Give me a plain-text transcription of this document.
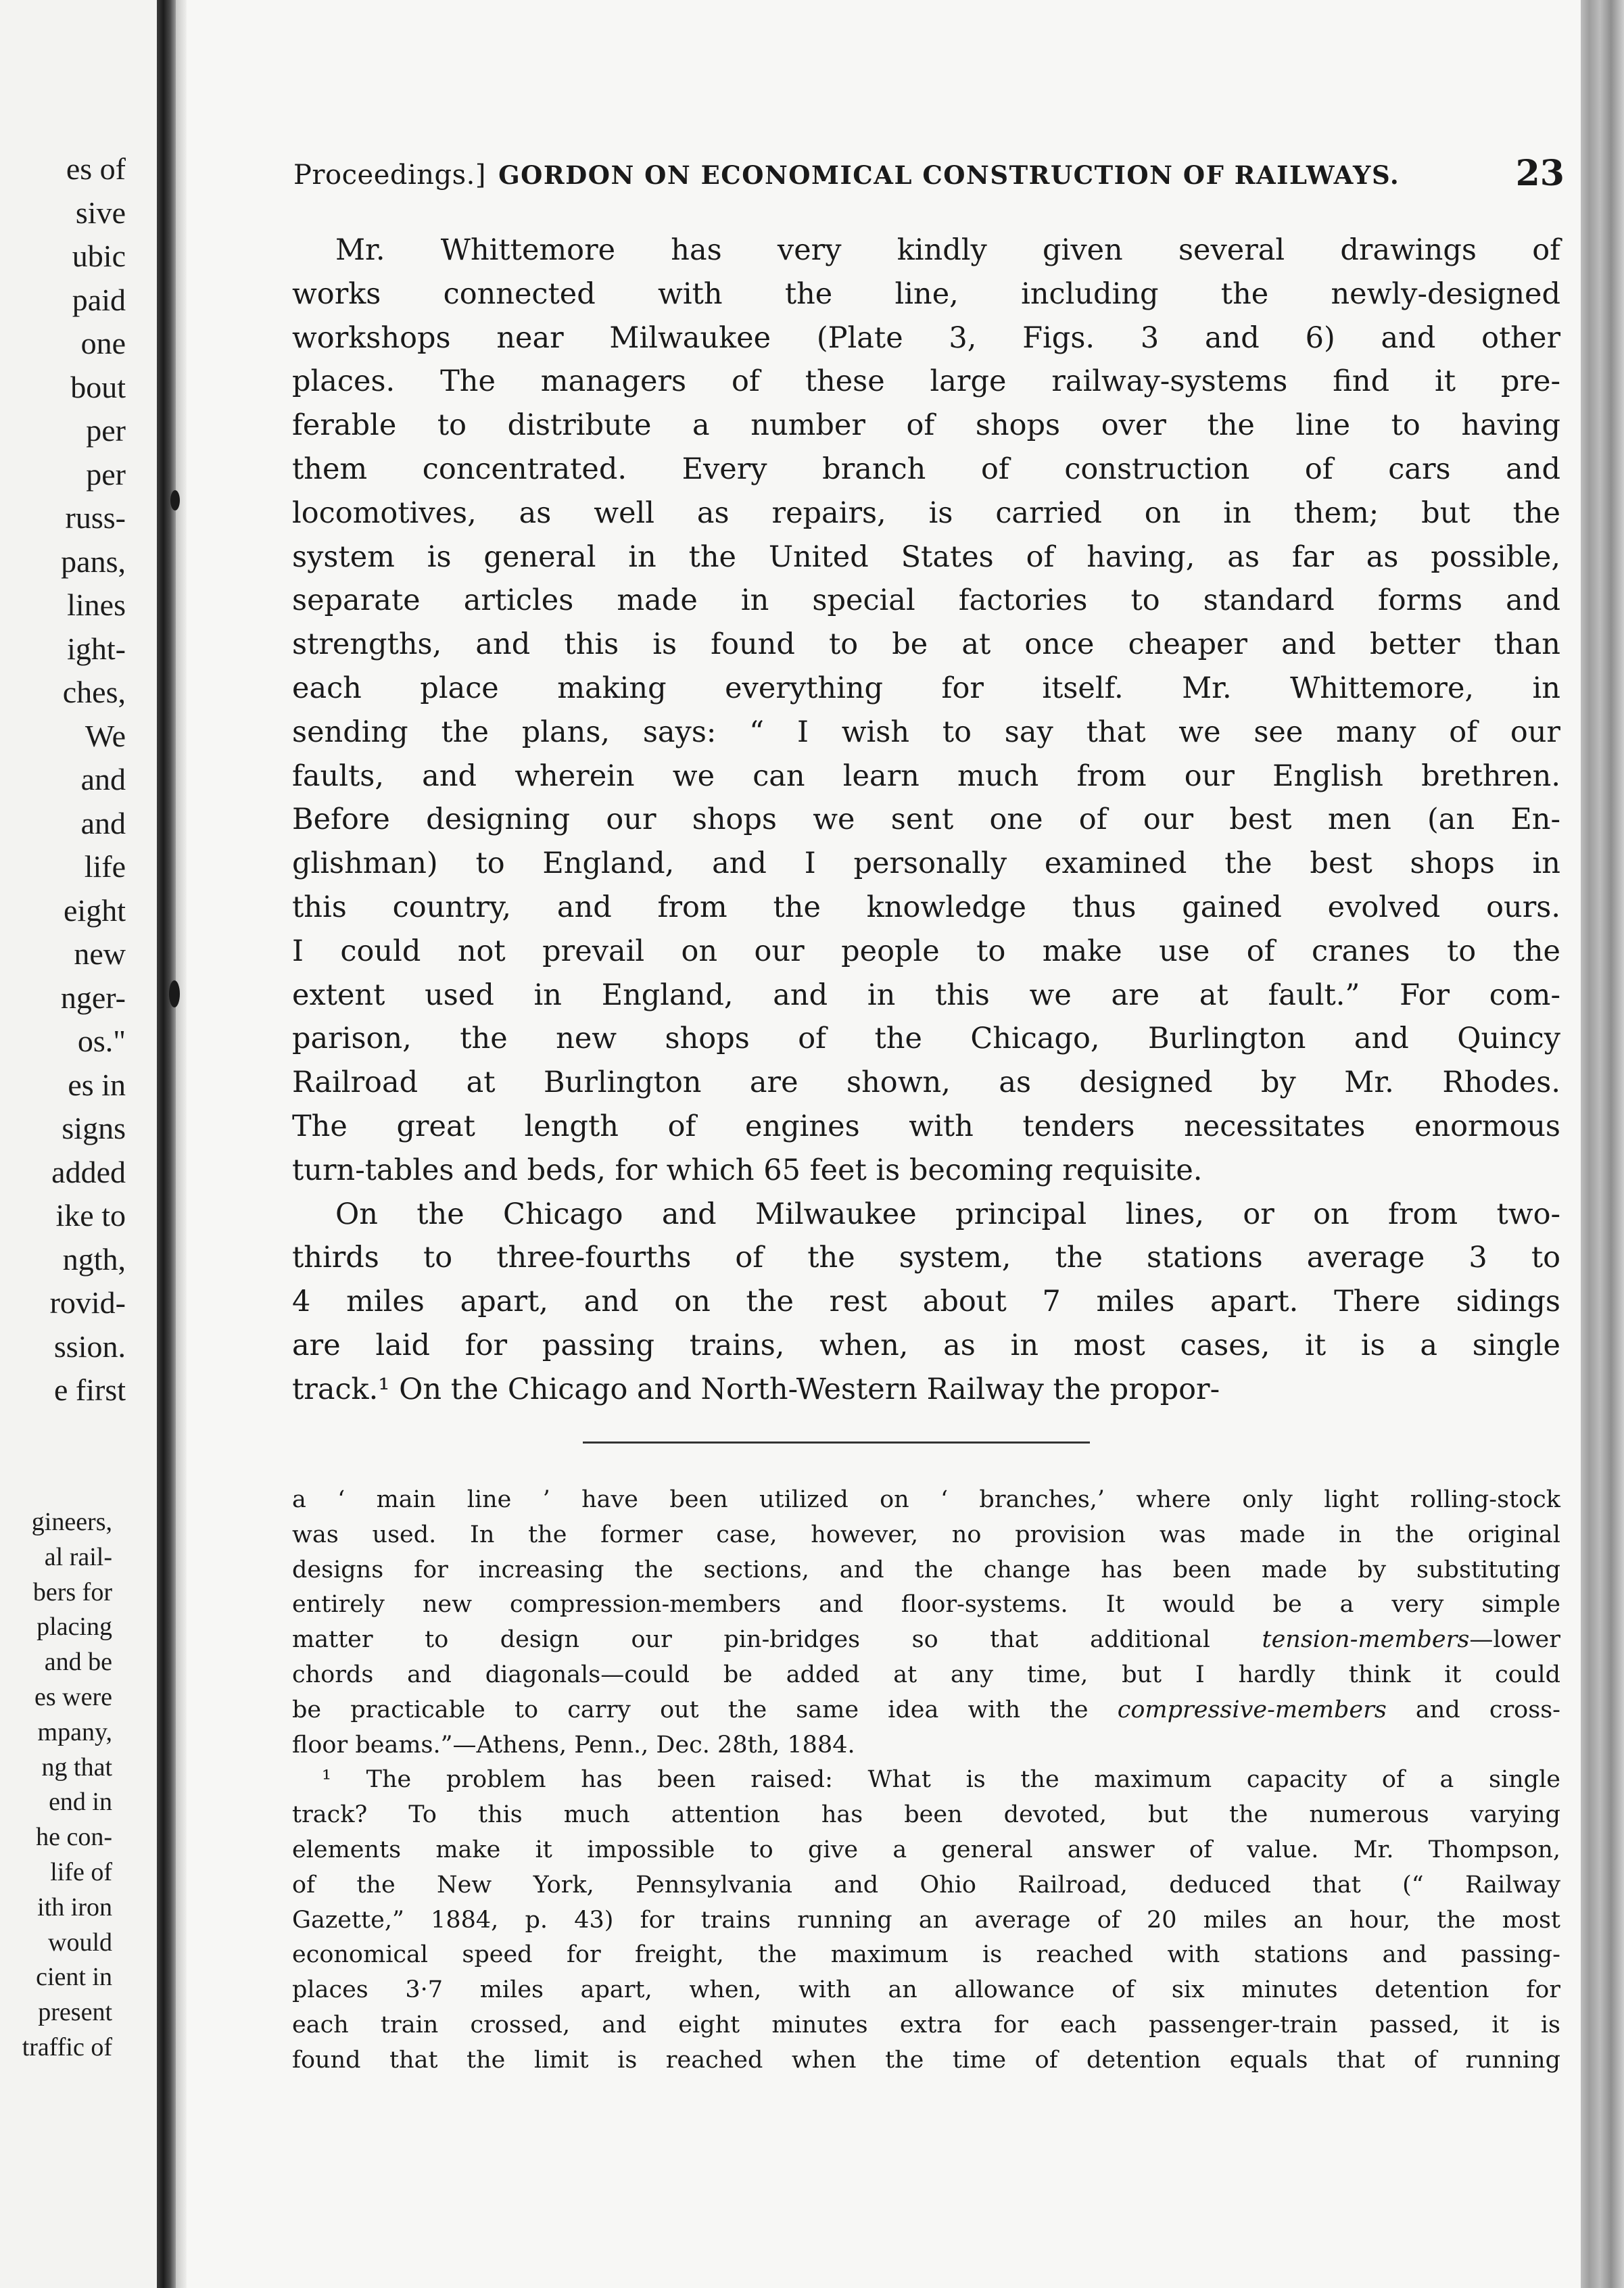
es of
sive
ubic
paid
one
bout
per
per
russ-
pans,
lines
ight-
ches,
We
and
and
life
eight
new
nger-
os."
es in
signs
added
ike to
ngth,
rovid-
ssion.
e first
gineers,
al rail-
bers for
placing
and be
es were
mpany,
ng that
end in
he con-
life of
ith iron
would
cient in
present
traffic of
Proceedings.] GORDON ON ECONOMICAL CONSTRUCTION OF RAILWAYS.	23
Mr. Whittemore has very kindly given several drawings of
works connected with the line, including the newly-designed
workshops near Milwaukee (Plate 3, Figs. 3 and 6) and other
places. The managers of these large railway-systems find it pre-
ferable to distribute a number of shops over the line to having
them concentrated. Every branch of construction of cars and
locomotives, as well as repairs, is carried on in them; but the
system is general in the United States of having, as far as possible,
separate articles made in special factories to standard forms and
strengths, and this is found to be at once cheaper and better than
each place making everything for itself. Mr. Whittemore, in
sending the plans, says: “ I wish to say that we see many of our
faults, and wherein we can learn much from our English brethren.
Before designing our shops we sent one of our best men (an En-
glishman) to England, and I personally examined the best shops in
this country, and from the knowledge thus gained evolved ours.
I could not prevail on our people to make use of cranes to the
extent used in England, and in this we are at fault.” For com-
parison, the new shops of the Chicago, Burlington and Quincy
Railroad at Burlington are shown, as designed by Mr. Rhodes.
The great length of engines with tenders necessitates enormous
turn-tables and beds, for which 65 feet is becoming requisite.
On the Chicago and Milwaukee principal lines, or on from two-
thirds to three-fourths of the system, the stations average 3 to
4 miles apart, and on the rest about 7 miles apart. There sidings
are laid for passing trains, when, as in most cases, it is a single
track.¹ On the Chicago and North-Western Railway the propor-
a ‘ main line ’ have been utilized on ‘ branches,’ where only light rolling-stock
was used. In the former case, however, no provision was made in the original
designs for increasing the sections, and the change has been made by substituting
entirely new compression-members and floor-systems. It would be a very simple
matter to design our pin-bridges so that additional tension-members—lower
chords and diagonals—could be added at any time, but I hardly think it could
be practicable to carry out the same idea with the compressive-members and cross-
floor beams.”—Athens, Penn., Dec. 28th, 1884.
¹ The problem has been raised: What is the maximum capacity of a single
track? To this much attention has been devoted, but the numerous varying
elements make it impossible to give a general answer of value. Mr. Thompson,
of the New York, Pennsylvania and Ohio Railroad, deduced that (“ Railway
Gazette,” 1884, p. 43) for trains running an average of 20 miles an hour, the most
economical speed for freight, the maximum is reached with stations and passing-
places 3·7 miles apart, when, with an allowance of six minutes detention for
each train crossed, and eight minutes extra for each passenger-train passed, it is
found that the limit is reached when the time of detention equals that of running
